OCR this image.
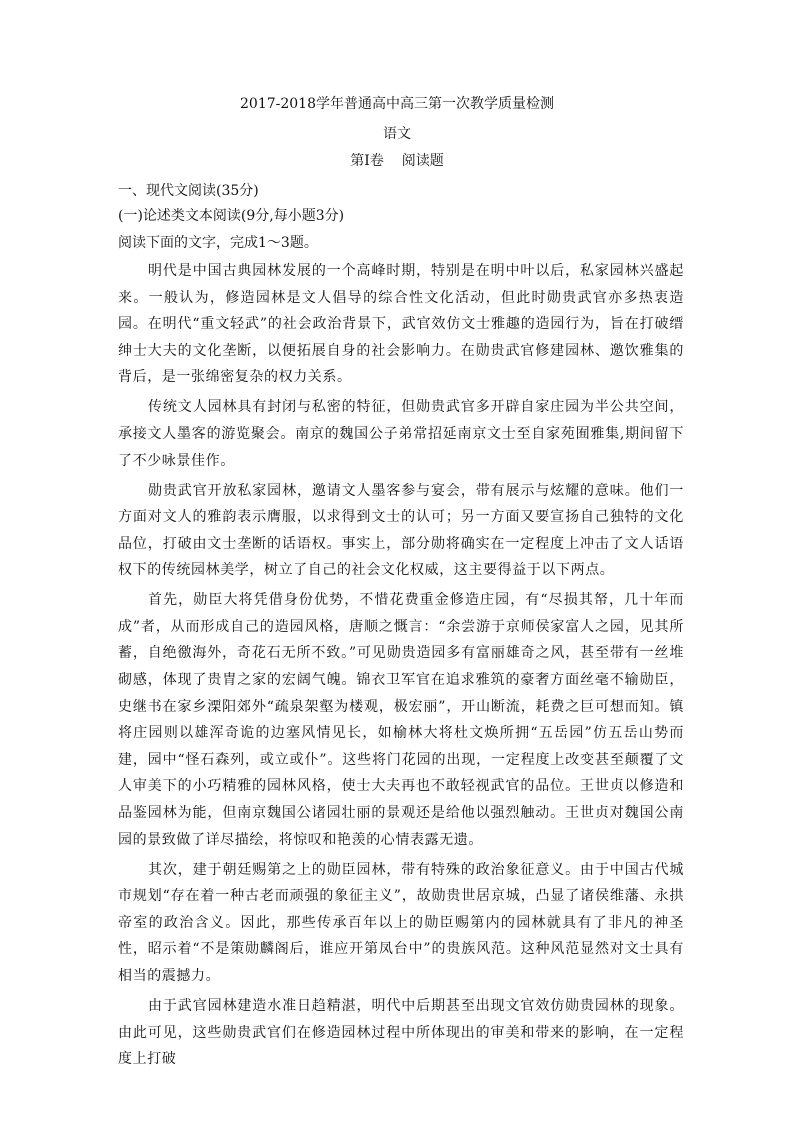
2017-2018学年普通高中高三第一次教学质量检测
语文
第Ⅰ卷 阅读题
一、现代文阅读(35分)
(一)论述类文本阅读(9分,每小题3分)
阅读下面的文字，完成1～3题。

明代是中国古典园林发展的一个高峰时期，特别是在明中叶以后，私家园林兴盛起来。一般认为，修造园林是文人倡导的综合性文化活动，但此时勋贵武官亦多热衷造园。在明代“重文轻武”的社会政治背景下，武官效仿文士雅趣的造园行为，旨在打破缙绅士大夫的文化垄断，以便拓展自身的社会影响力。在勋贵武官修建园林、邀饮雅集的背后，是一张绵密复杂的权力关系。

传统文人园林具有封闭与私密的特征，但勋贵武官多开辟自家庄园为半公共空间，承接文人墨客的游览聚会。南京的魏国公子弟常招延南京文士至自家苑囿雅集,期间留下了不少咏景佳作。

勋贵武官开放私家园林，邀请文人墨客参与宴会，带有展示与炫耀的意味。他们一方面对文人的雅韵表示膺服，以求得到文士的认可；另一方面又要宣扬自己独特的文化品位，打破由文士垄断的话语权。事实上，部分勋将确实在一定程度上冲击了文人话语权下的传统园林美学，树立了自己的社会文化权威，这主要得益于以下两点。

首先，勋臣大将凭借身份优势，不惜花费重金修造庄园，有“尽损其帑，几十年而成”者，从而形成自己的造园风格，唐顺之慨言：“余尝游于京师侯家富人之园，见其所蓄，自绝徼海外，奇花石无所不致。”可见勋贵造园多有富丽雄奇之风，甚至带有一丝堆砌感，体现了贵胄之家的宏阔气魄。锦衣卫军官在追求雅筑的豪奢方面丝毫不输勋臣，史继书在家乡溧阳郊外“疏泉架壑为楼观，极宏丽”，开山断流，耗费之巨可想而知。镇将庄园则以雄浑奇诡的边塞风情见长，如榆林大将杜文焕所拥“五岳园”仿五岳山势而建，园中“怪石森列，或立或仆”。这些将门花园的出现，一定程度上改变甚至颠覆了文人审美下的小巧精雅的园林风格，使士大夫再也不敢轻视武官的品位。王世贞以修造和品鉴园林为能，但南京魏国公诸园壮丽的景观还是给他以强烈触动。王世贞对魏国公南园的景致做了详尽描绘，将惊叹和艳羡的心情表露无遗。

其次，建于朝廷赐第之上的勋臣园林，带有特殊的政治象征意义。由于中国古代城市规划“存在着一种古老而顽强的象征主义”，故勋贵世居京城，凸显了诸侯维藩、永拱帝室的政治含义。因此，那些传承百年以上的勋臣赐第内的园林就具有了非凡的神圣性，昭示着“不是策勋麟阁后，谁应开第凤台中”的贵族风范。这种风范显然对文士具有相当的震撼力。

由于武官园林建造水准日趋精湛，明代中后期甚至出现文官效仿勋贵园林的现象。由此可见，这些勋贵武官们在修造园林过程中所体现出的审美和带来的影响，在一定程度上打破
